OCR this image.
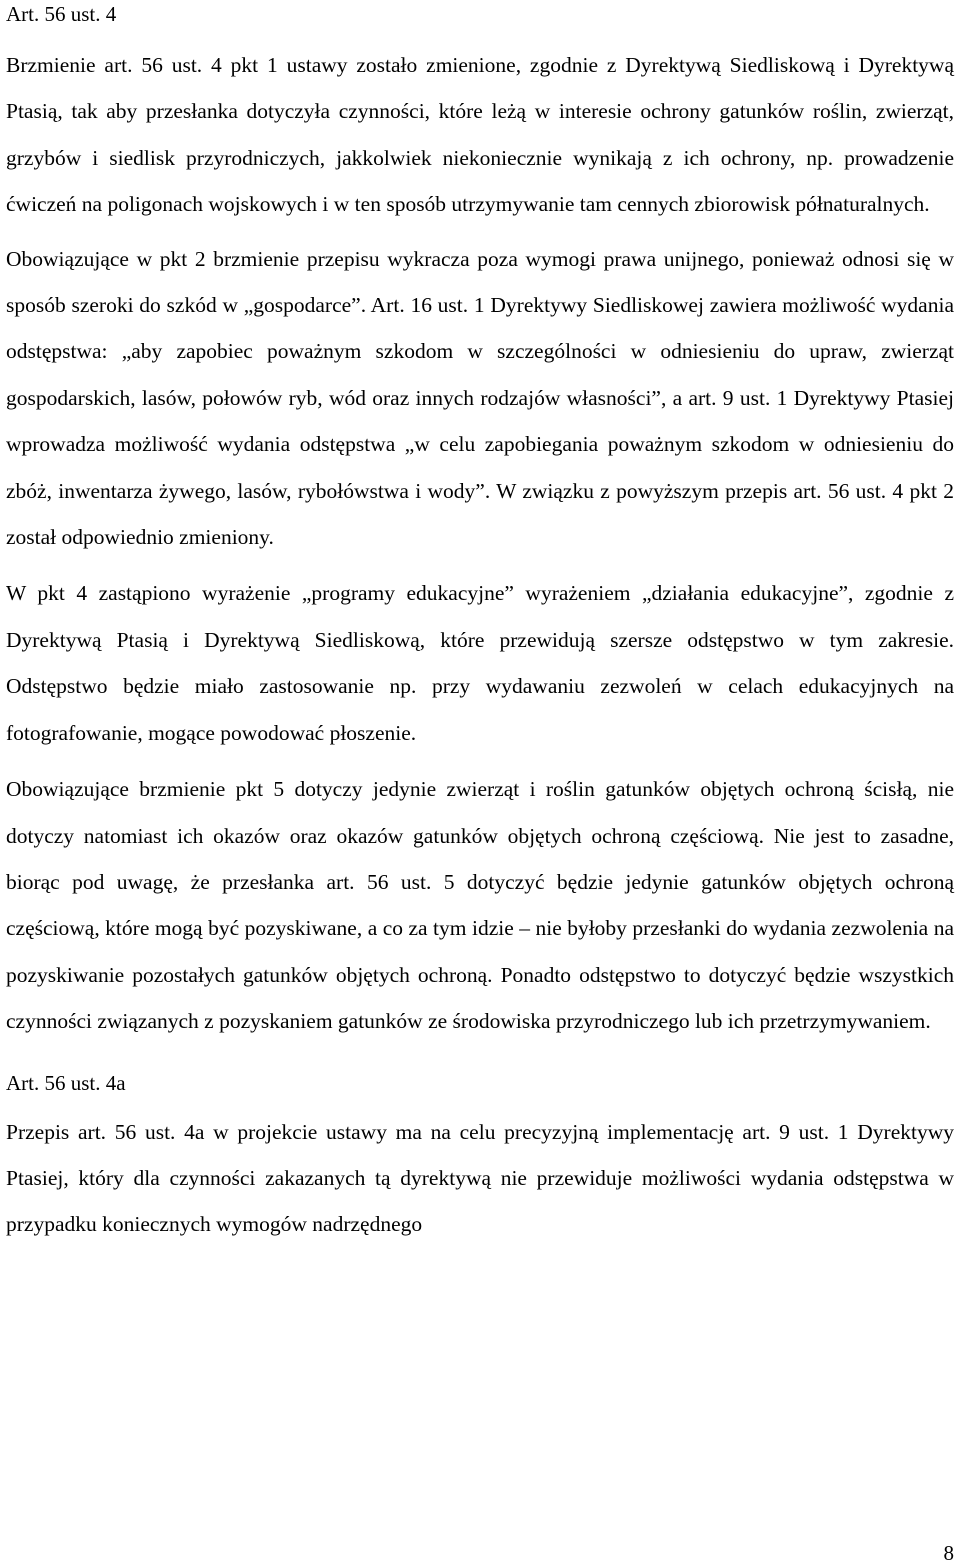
Art. 56 ust. 4

Brzmienie art. 56 ust. 4 pkt 1 ustawy zostało zmienione, zgodnie z Dyrektywą Siedliskową i Dyrektywą Ptasią, tak aby przesłanka dotyczyła czynności, które leżą w interesie ochrony gatunków roślin, zwierząt, grzybów i siedlisk przyrodniczych, jakkolwiek niekoniecznie wynikają z ich ochrony, np. prowadzenie ćwiczeń na poligonach wojskowych i w ten sposób utrzymywanie tam cennych zbiorowisk półnaturalnych.

Obowiązujące w pkt 2 brzmienie przepisu wykracza poza wymogi prawa unijnego, ponieważ odnosi się w sposób szeroki do szkód w „gospodarce”. Art. 16 ust. 1 Dyrektywy Siedliskowej zawiera możliwość wydania odstępstwa: „aby zapobiec poważnym szkodom w szczególności w odniesieniu do upraw, zwierząt gospodarskich, lasów, połowów ryb, wód oraz innych rodzajów własności”, a art. 9 ust. 1 Dyrektywy Ptasiej wprowadza możliwość wydania odstępstwa „w celu zapobiegania poważnym szkodom w odniesieniu do zbóż, inwentarza żywego, lasów, rybołówstwa i wody”. W związku z powyższym przepis art. 56 ust. 4 pkt 2 został odpowiednio zmieniony.

W pkt 4 zastąpiono wyrażenie „programy edukacyjne” wyrażeniem „działania edukacyjne”, zgodnie z Dyrektywą Ptasią i Dyrektywą Siedliskową, które przewidują szersze odstępstwo w tym zakresie. Odstępstwo będzie miało zastosowanie np. przy wydawaniu zezwoleń w celach edukacyjnych na fotografowanie, mogące powodować płoszenie.

Obowiązujące brzmienie pkt 5 dotyczy jedynie zwierząt i roślin gatunków objętych ochroną ścisłą, nie dotyczy natomiast ich okazów oraz okazów gatunków objętych ochroną częściową. Nie jest to zasadne, biorąc pod uwagę, że przesłanka art. 56 ust. 5 dotyczyć będzie jedynie gatunków objętych ochroną częściową, które mogą być pozyskiwane, a co za tym idzie – nie byłoby przesłanki do wydania zezwolenia na pozyskiwanie pozostałych gatunków objętych ochroną. Ponadto odstępstwo to dotyczyć będzie wszystkich czynności związanych z pozyskaniem gatunków ze środowiska przyrodniczego lub ich przetrzymywaniem.

Art. 56 ust. 4a

Przepis art. 56 ust. 4a w projekcie ustawy ma na celu precyzyjną implementację art. 9 ust. 1 Dyrektywy Ptasiej, który dla czynności zakazanych tą dyrektywą nie przewiduje możliwości wydania odstępstwa w przypadku koniecznych wymogów nadrzędnego

8
